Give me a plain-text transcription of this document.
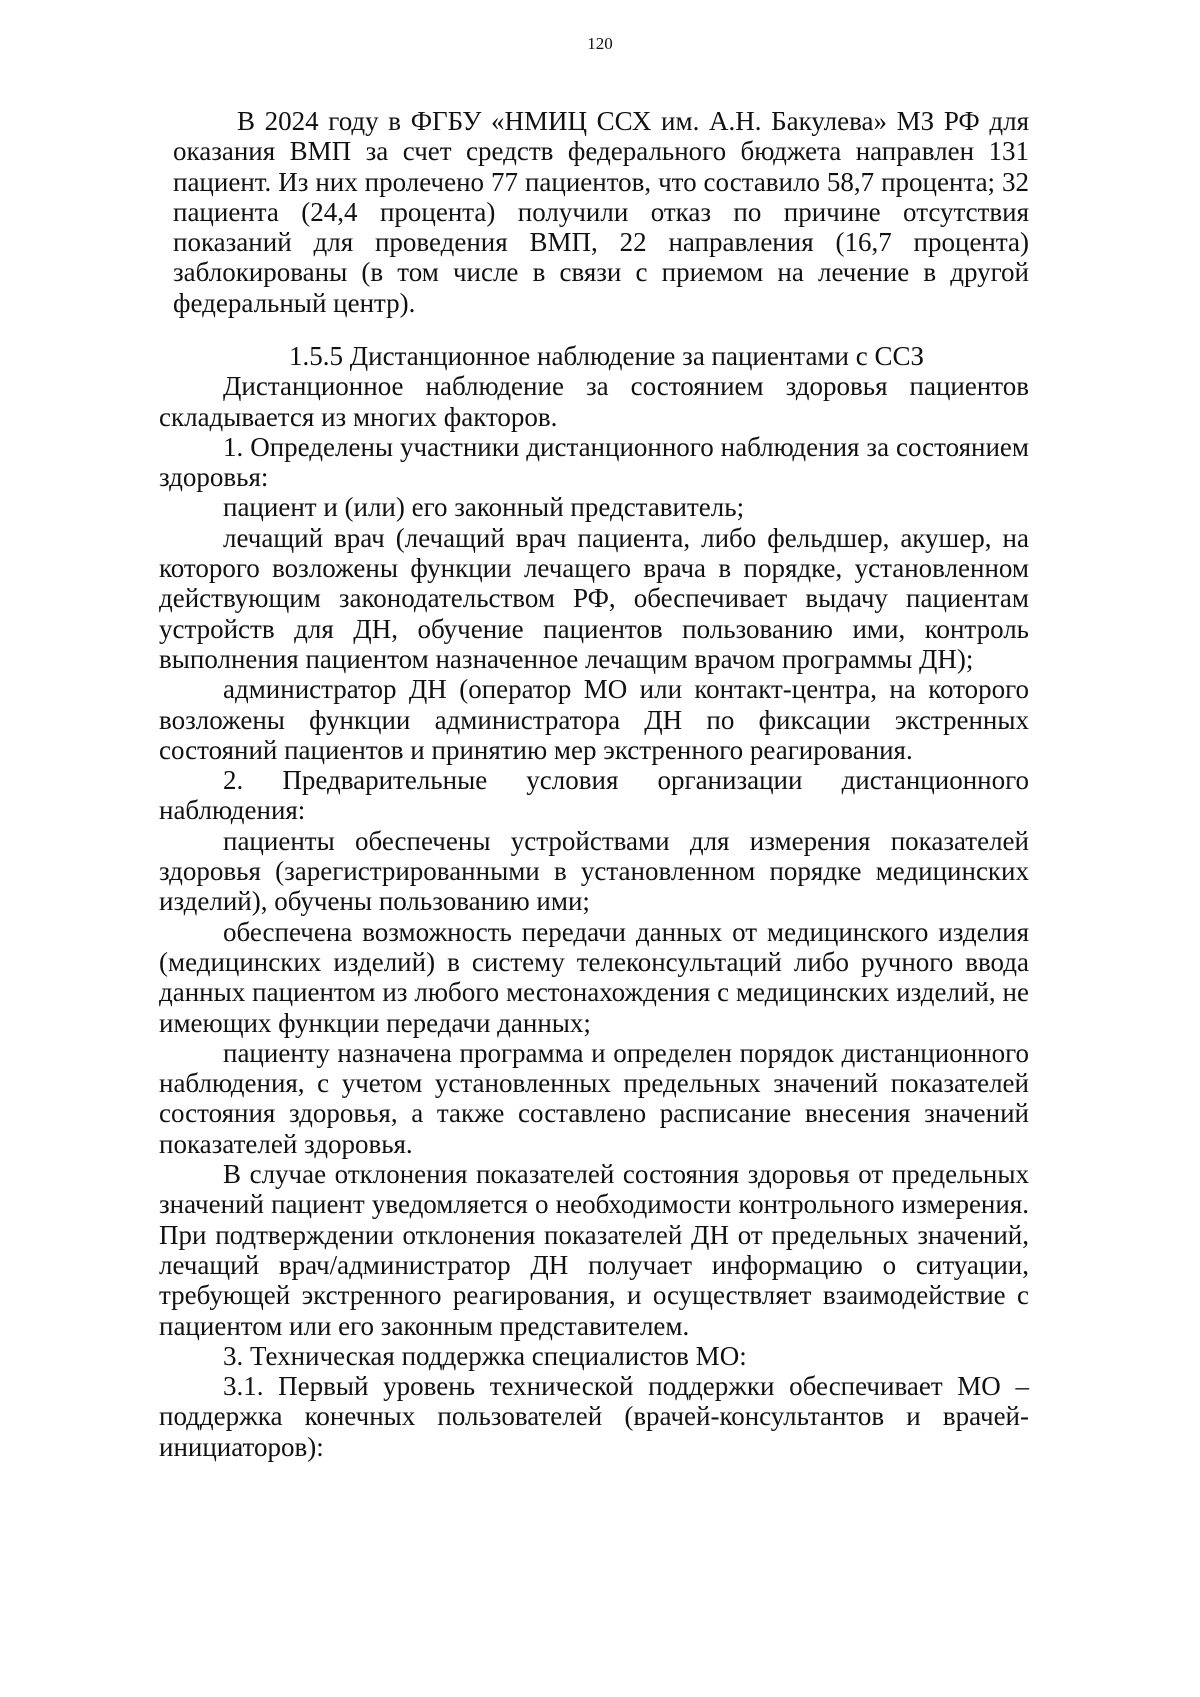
120

В 2024 году в ФГБУ «НМИЦ ССХ им. А.Н. Бакулева» МЗ РФ для оказания ВМП за счет средств федерального бюджета направлен 131 пациент. Из них пролечено 77 пациентов, что составило 58,7 процента; 32 пациента (24,4 процента) получили отказ по причине отсутствия показаний для проведения ВМП, 22 направления (16,7 процента) заблокированы (в том числе в связи с приемом на лечение в другой федеральный центр).

1.5.5 Дистанционное наблюдение за пациентами с ССЗ

Дистанционное наблюдение за состоянием здоровья пациентов складывается из многих факторов.

1. Определены участники дистанционного наблюдения за состоянием здоровья:

пациент и (или) его законный представитель;

лечащий врач (лечащий врач пациента, либо фельдшер, акушер, на которого возложены функции лечащего врача в порядке, установленном действующим законодательством РФ, обеспечивает выдачу пациентам устройств для ДН, обучение пациентов пользованию ими, контроль выполнения пациентом назначенное лечащим врачом программы ДН);

администратор ДН (оператор МО или контакт-центра, на которого возложены функции администратора ДН по фиксации экстренных состояний пациентов и принятию мер экстренного реагирования.

2. Предварительные условия организации дистанционного наблюдения:

пациенты обеспечены устройствами для измерения показателей здоровья (зарегистрированными в установленном порядке медицинских изделий), обучены пользованию ими;

обеспечена возможность передачи данных от медицинского изделия (медицинских изделий) в систему телеконсультаций либо ручного ввода данных пациентом из любого местонахождения с медицинских изделий, не имеющих функции передачи данных;

пациенту назначена программа и определен порядок дистанционного наблюдения, с учетом установленных предельных значений показателей состояния здоровья, а также составлено расписание внесения значений показателей здоровья.

В случае отклонения показателей состояния здоровья от предельных значений пациент уведомляется о необходимости контрольного измерения. При подтверждении отклонения показателей ДН от предельных значений, лечащий врач/администратор ДН получает информацию о ситуации, требующей экстренного реагирования, и осуществляет взаимодействие с пациентом или его законным представителем.

3. Техническая поддержка специалистов МО:

3.1. Первый уровень технической поддержки обеспечивает МО – поддержка конечных пользователей (врачей-консультантов и врачей-инициаторов):
